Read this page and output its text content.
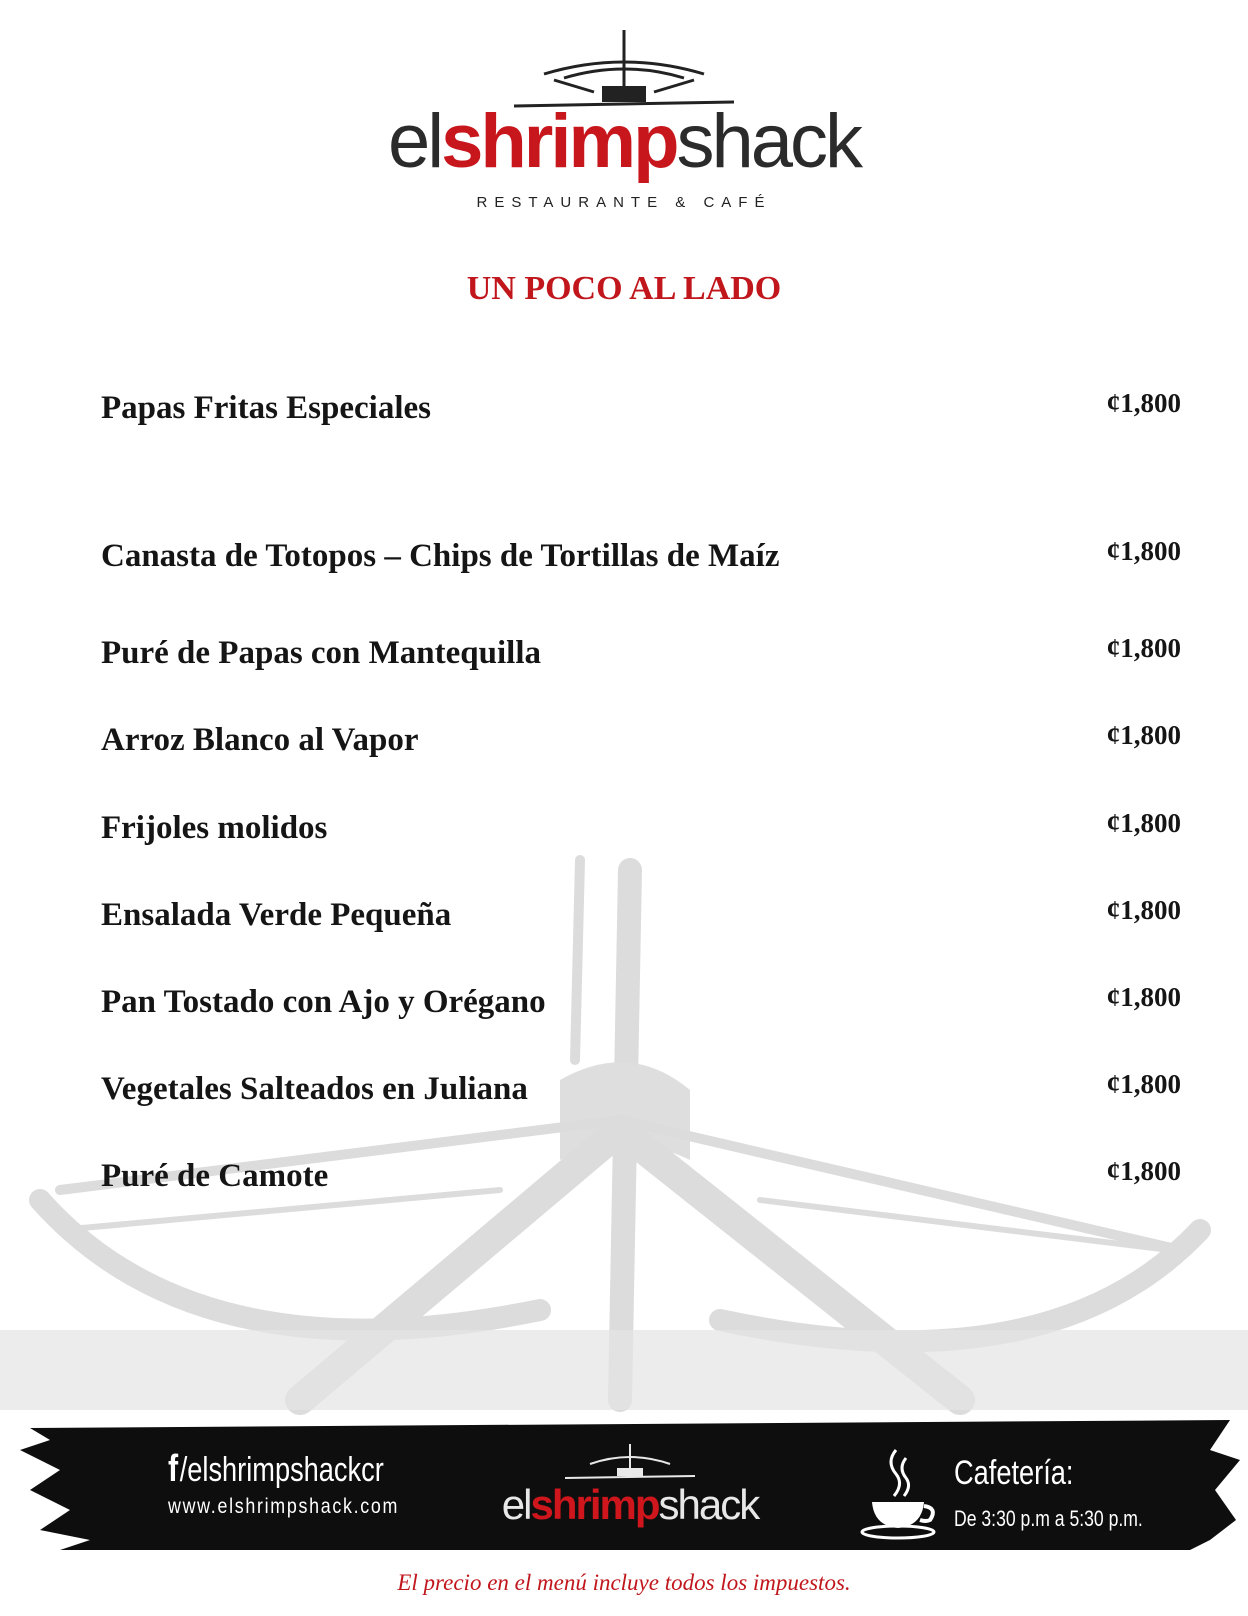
elshrimpshack
RESTAURANTE & CAFÉ
UN POCO AL LADO
Papas Fritas Especiales	¢1,800
Canasta de Totopos – Chips de Tortillas de Maíz	¢1,800
Puré de Papas con Mantequilla	¢1,800
Arroz Blanco al Vapor	¢1,800
Frijoles molidos	¢1,800
Ensalada Verde Pequeña	¢1,800
Pan Tostado con Ajo y Orégano	¢1,800
Vegetales Salteados en Juliana	¢1,800
Puré de Camote	¢1,800
f/elshrimpshackcr
www.elshrimpshack.com	elshrimpshack
Cafetería:
De 3:30 p.m a 5:30 p.m.
El precio en el menú incluye todos los impuestos.
